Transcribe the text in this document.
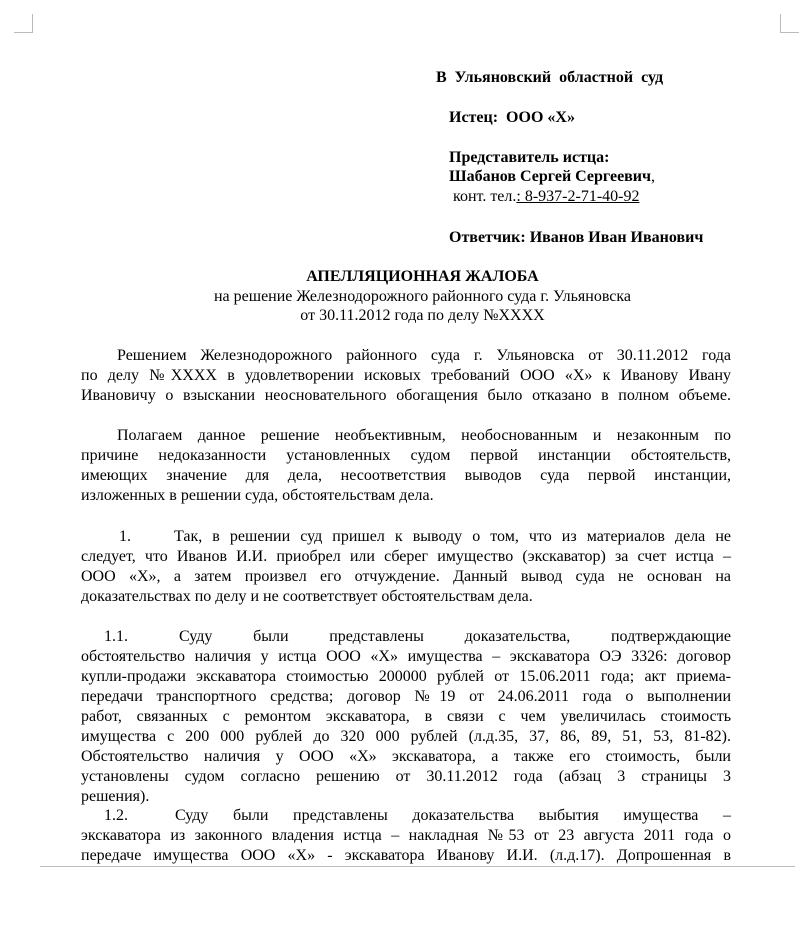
В  Ульяновский  областной  суд
Истец:  ООО «Х»
Представитель истца:
Шабанов Сергей Сергеевич,
конт. тел.: 8-937-2-71-40-92
Ответчик: Иванов Иван Иванович
АПЕЛЛЯЦИОННАЯ ЖАЛОБА
на решение Железнодорожного районного суда г. Ульяновска
от 30.11.2012 года по делу №XXXX
Решением Железнодорожного районного суда г. Ульяновска от 30.11.2012 года
по делу №XXXX в удовлетворении исковых требований ООО «Х» к Иванову Ивану
Ивановичу о взыскании неосновательного обогащения было отказано в полном объеме.
Полагаем данное решение необъективным, необоснованным и незаконным по
причине недоказанности установленных судом первой инстанции обстоятельств,
имеющих значение для дела, несоответствия выводов суда первой инстанции,
изложенных в решении суда, обстоятельствам дела.
1.	Так, в решении суд пришел к выводу о том, что из материалов дела не
следует, что Иванов И.И. приобрел или сберег имущество (экскаватор) за счет истца –
ООО «Х», а затем произвел его отчуждение. Данный вывод суда не основан на
доказательствах по делу и не соответствует обстоятельствам дела.
1.1.	Суду были представлены доказательства, подтверждающие
обстоятельство наличия у истца ООО «Х» имущества – экскаватора ОЭ 3326: договор
купли-продажи экскаватора стоимостью 200000 рублей от 15.06.2011 года; акт приема-
передачи транспортного средства; договор №19 от 24.06.2011 года о выполнении
работ, связанных с ремонтом экскаватора, в связи с чем увеличилась стоимость
имущества с 200 000 рублей до 320 000 рублей (л.д.35, 37, 86, 89, 51, 53, 81-82).
Обстоятельство наличия у ООО «Х» экскаватора, а также его стоимость, были
установлены судом согласно решению от 30.11.2012 года (абзац 3 страницы 3
решения).
1.2.	Суду были представлены доказательства выбытия имущества –
экскаватора из законного владения истца – накладная №53 от 23 августа 2011 года о
передаче имущества ООО «Х» - экскаватора Иванову И.И. (л.д.17). Допрошенная в
